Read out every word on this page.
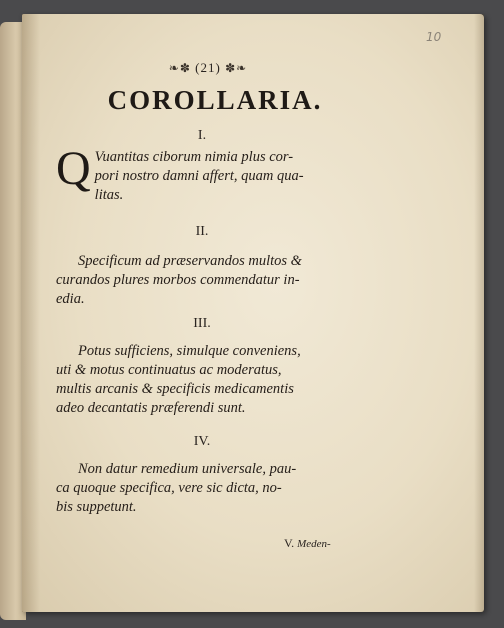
10
❧✽ (21) ✽❧
COROLLARIA.
I.
Q Vuantitas ciborum nimia plus cor-
pori nostro damni affert, quam qua-
litas.
II.
Specificum ad præservandos multos &
curandos plures morbos commendatur in-
edia.
III.
Potus sufficiens, simulque conveniens,
uti & motus continuatus ac moderatus,
multis arcanis & specificis medicamentis
adeo decantatis præferendi sunt.
IV.
Non datur remedium universale, pau-
ca quoque specifica, vere sic dicta, no-
bis suppetunt.
V. Meden-
